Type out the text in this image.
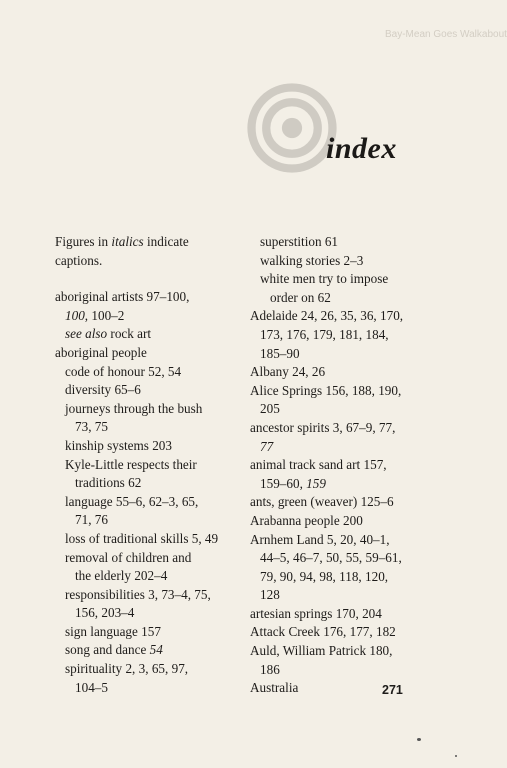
Bay-Mean Goes Walkabout
index
Figures in italics indicate
captions.
aboriginal artists 97–100,
100, 100–2
see also rock art
aboriginal people
code of honour 52, 54
diversity 65–6
journeys through the bush
73, 75
kinship systems 203
Kyle-Little respects their
traditions 62
language 55–6, 62–3, 65,
71, 76
loss of traditional skills 5, 49
removal of children and
the elderly 202–4
responsibilities 3, 73–4, 75,
156, 203–4
sign language 157
song and dance 54
spirituality 2, 3, 65, 97,
104–5
superstition 61
walking stories 2–3
white men try to impose
order on 62
Adelaide 24, 26, 35, 36, 170,
173, 176, 179, 181, 184,
185–90
Albany 24, 26
Alice Springs 156, 188, 190,
205
ancestor spirits 3, 67–9, 77,
77
animal track sand art 157,
159–60, 159
ants, green (weaver) 125–6
Arabanna people 200
Arnhem Land 5, 20, 40–1,
44–5, 46–7, 50, 55, 59–61,
79, 90, 94, 98, 118, 120,
128
artesian springs 170, 204
Attack Creek 176, 177, 182
Auld, William Patrick 180,
186
Australia	271
